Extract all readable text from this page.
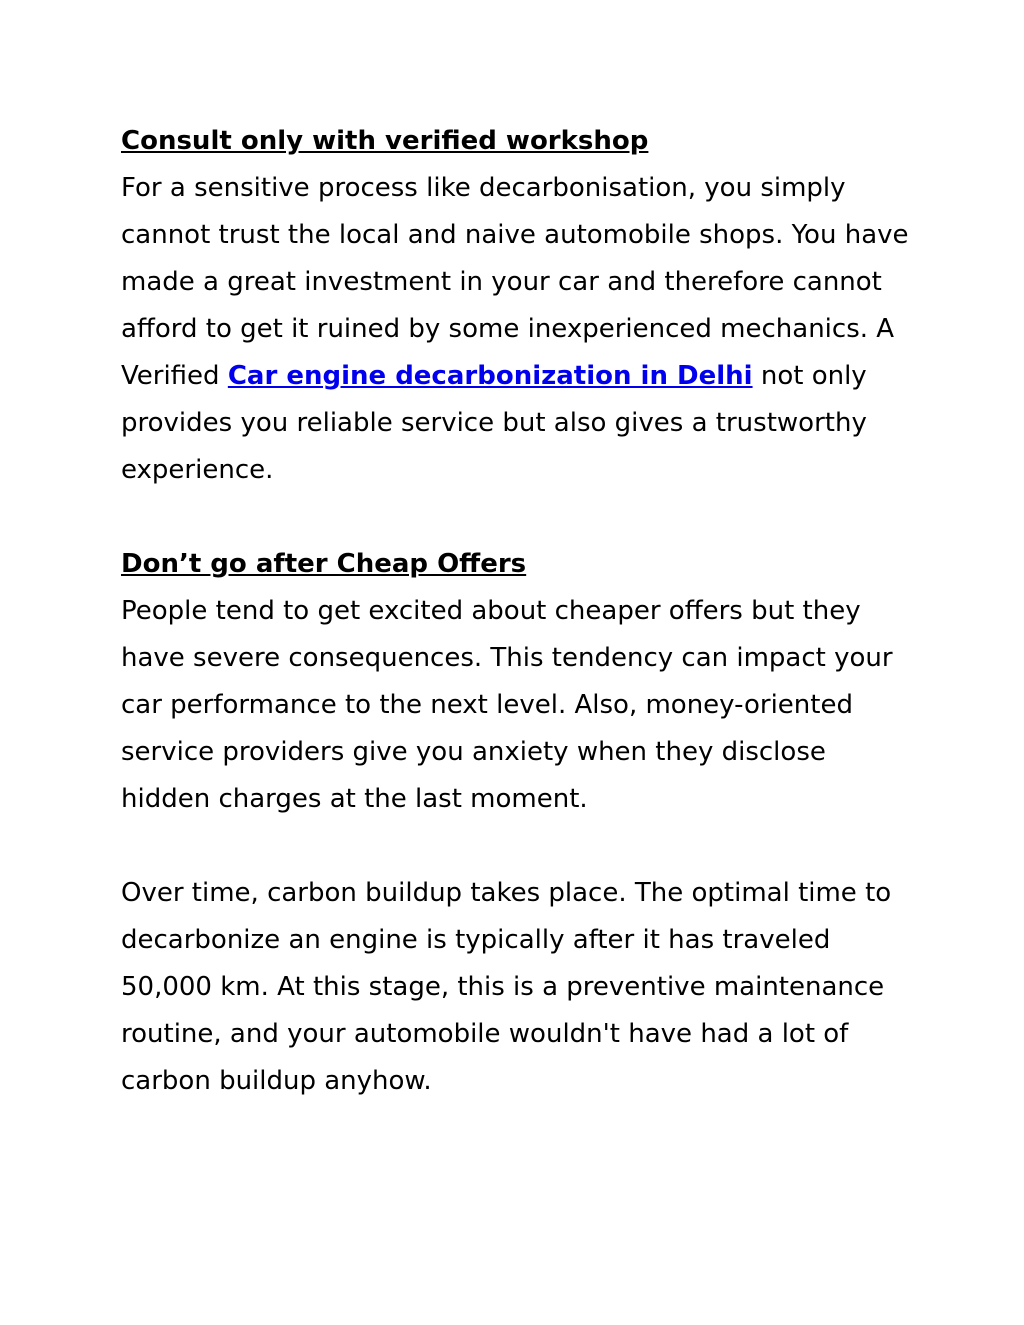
Consult only with verified workshop

For a sensitive process like decarbonisation, you simply cannot trust the local and naive automobile shops. You have made a great investment in your car and therefore cannot afford to get it ruined by some inexperienced mechanics. A Verified Car engine decarbonization in Delhi not only provides you reliable service but also gives a trustworthy experience.

Don’t go after Cheap Offers

People tend to get excited about cheaper offers but they have severe consequences. This tendency can impact your car performance to the next level. Also, money-oriented service providers give you anxiety when they disclose hidden charges at the last moment.

Over time, carbon buildup takes place. The optimal time to decarbonize an engine is typically after it has traveled 50,000 km. At this stage, this is a preventive maintenance routine, and your automobile wouldn't have had a lot of carbon buildup anyhow.
